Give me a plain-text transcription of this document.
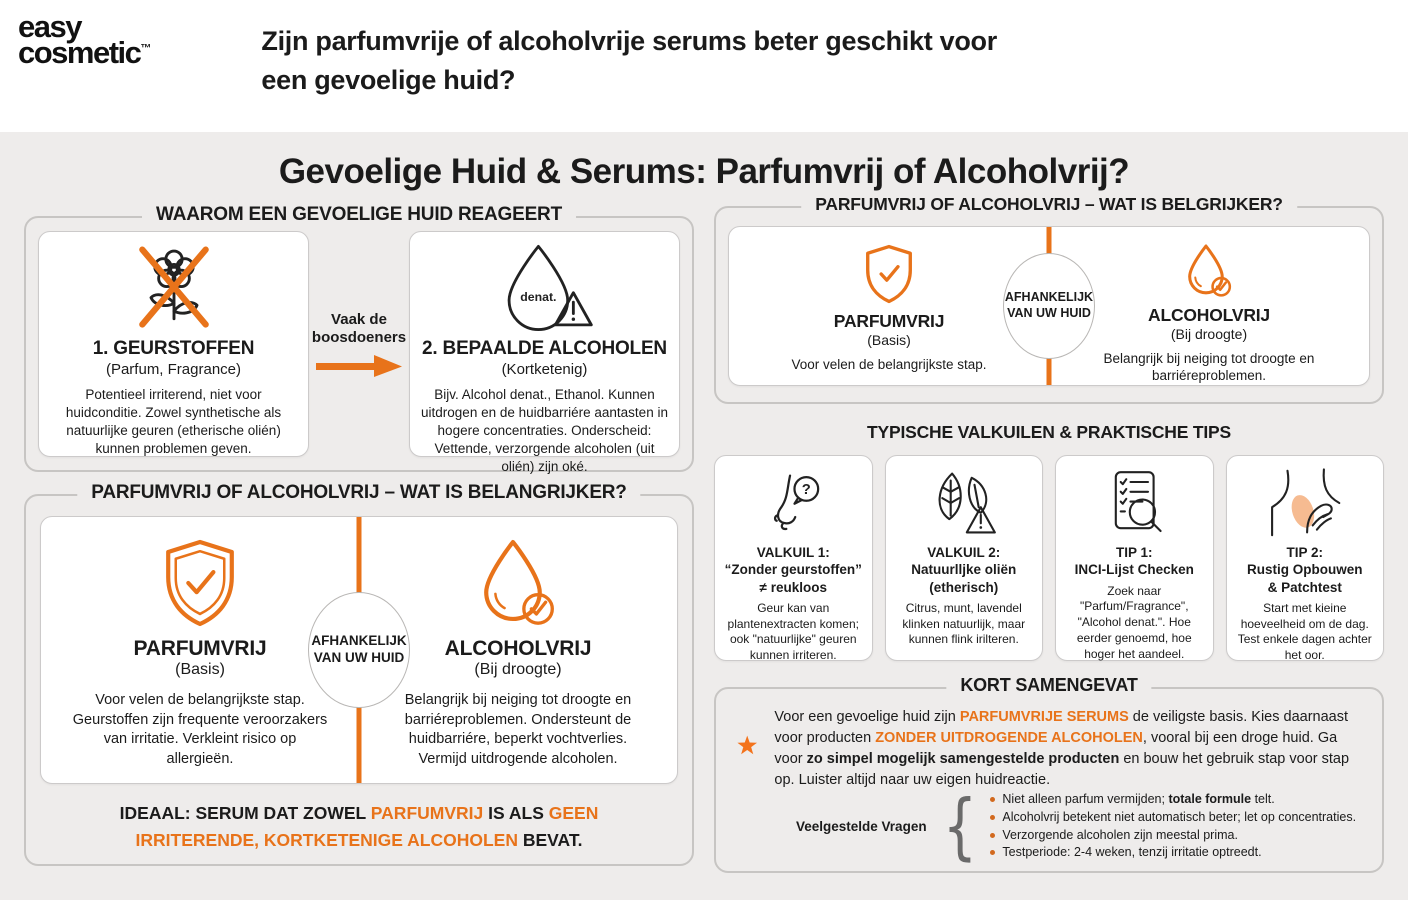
easy
cosmetic™	Zijn parfumvrije of alcoholvrije serums beter geschikt voor
een gevoelige huid?
Gevoelige Huid & Serums: Parfumvrij of Alcoholvrij?
WAAROM EEN GEVOELIGE HUID REAGEERT
1. GEURSTOFFEN
(Parfum, Fragrance)
Potentieel irriterend, niet voor huidconditie. Zowel synthetische als natuurlijke geuren (etherische olién) kunnen problemen geven.
Vaak de
boosdoeners
denat.
2. BEPAALDE ALCOHOLEN
(Kortketenig)
Bijv. Alcohol denat., Ethanol. Kunnen uitdrogen en de huidbarriére aantasten in hogere concentraties. Onderscheid: Vettende, verzorgende alcoholen (uit olién) zijn oké.
PARFUMVRIJ OF ALCOHOLVRIJ – WAT IS BELANGRIJKER?
AFHANKELIJK
VAN UW HUID
PARFUMVRIJ
(Basis)
Voor velen de belangrijkste stap. Geurstoffen zijn frequente veroorzakers van irritatie. Verkleint risico op allergieën.
ALCOHOLVRIJ
(Bij droogte)
Belangrijk bij neiging tot droogte en barriéreproblemen. Ondersteunt de huidbarriére, beperkt vochtverlies. Vermijd uitdrogende alcoholen.
IDEAAL: SERUM DAT ZOWEL PARFUMVRIJ IS ALS GEEN IRRITERENDE, KORTKETENIGE ALCOHOLEN BEVAT.
PARFUMVRIJ OF ALCOHOLVRIJ – WAT IS BELGRIJKER?
AFHANKELIJK
VAN UW HUID
PARFUMVRIJ
(Basis)
Voor velen de belangrijkste stap.
ALCOHOLVRIJ
(Bij droogte)
Belangrijk bij neiging tot droogte en barriéreproblemen.
TYPISCHE VALKUILEN & PRAKTISCHE TIPS
?
VALKUIL 1:
“Zonder geurstoffen”
≠ reukloos
Geur kan van plantenextracten komen; ook "natuurlijke" geuren kunnen irriteren.
VALKUIL 2:
Natuurlljke oliën
(etherisch)
Citrus, munt, lavendel klinken natuurlijk, maar kunnen flink irilteren.
TIP 1:
INCI-Lijst Checken
Zoek naar "Parfum/Fragrance", "Alcohol denat.". Hoe eerder genoemd, hoe hoger het aandeel.
TIP 2:
Rustig Opbouwen
& Patchtest
Start met kieine hoeveelheid om de dag. Test enkele dagen achter het oor.
KORT SAMENGEVAT
Voor een gevoelige huid zijn PARFUMVRIJE SERUMS de veiligste basis. Kies daarnaast voor producten ZONDER UITDROGENDE ALCOHOLEN, vooral bij een droge huid. Ga voor zo simpel mogelijk samengestelde producten en bouw het gebruik stap voor stap op. Luister altijd naar uw eigen huidreactie.
Veelgestelde Vragen {	Niet alleen parfum vermijden; totale formule telt.
Alcoholvrij betekent niet automatisch beter; let op concentraties.
Verzorgende alcoholen zijn meestal prima.
Testperiode: 2-4 weken, tenzij irritatie optreedt.
